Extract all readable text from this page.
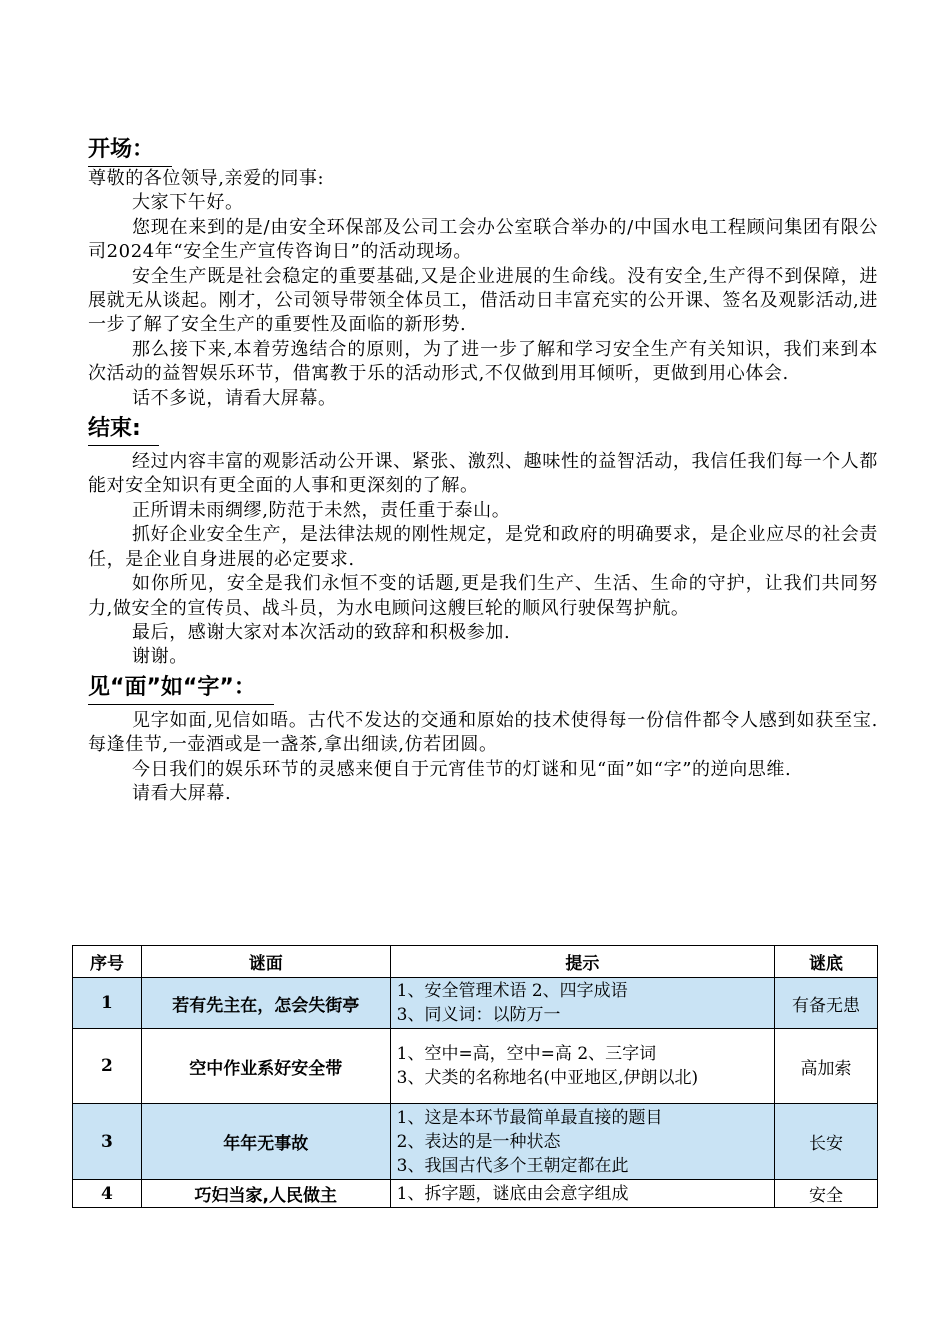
开场：

尊敬的各位领导,亲爱的同事:

大家下午好。

您现在来到的是/由安全环保部及公司工会办公室联合举办的/中国水电工程顾问集团有限公司2024年“安全生产宣传咨询日”的活动现场。

安全生产既是社会稳定的重要基础,又是企业进展的生命线。没有安全,生产得不到保障，进展就无从谈起。刚才，公司领导带领全体员工，借活动日丰富充实的公开课、签名及观影活动,进一步了解了安全生产的重要性及面临的新形势.

那么接下来,本着劳逸结合的原则，为了进一步了解和学习安全生产有关知识，我们来到本次活动的益智娱乐环节，借寓教于乐的活动形式,不仅做到用耳倾听，更做到用心体会.

话不多说，请看大屏幕。

结束:

经过内容丰富的观影活动公开课、紧张、激烈、趣味性的益智活动，我信任我们每一个人都能对安全知识有更全面的人事和更深刻的了解。

正所谓未雨绸缪,防范于未然，责任重于泰山。

抓好企业安全生产，是法律法规的刚性规定，是党和政府的明确要求，是企业应尽的社会责任，是企业自身进展的必定要求.

如你所见，安全是我们永恒不变的话题,更是我们生产、生活、生命的守护，让我们共同努力,做安全的宣传员、战斗员，为水电顾问这艘巨轮的顺风行驶保驾护航。

最后，感谢大家对本次活动的致辞和积极参加.

谢谢。

见“面”如“字”：

见字如面,见信如晤。古代不发达的交通和原始的技术使得每一份信件都令人感到如获至宝.每逢佳节,一壶酒或是一盏茶,拿出细读,仿若团圆。

今日我们的娱乐环节的灵感来便自于元宵佳节的灯谜和见“面”如“字”的逆向思维.

请看大屏幕.

序号	谜面	提示	谜底
1	若有先主在，怎会失街亭	1、安全管理术语 2、四字成语
3、同义词：以防万一	有备无患
2	空中作业系好安全带	1、空中=高，空中=高 2、三字词
3、犬类的名称地名(中亚地区,伊朗以北)	高加索
3	年年无事故	1、这是本环节最简单最直接的题目
2、表达的是一种状态
3、我国古代多个王朝定都在此	长安
4	巧妇当家,人民做主	1、拆字题，谜底由会意字组成	安全
